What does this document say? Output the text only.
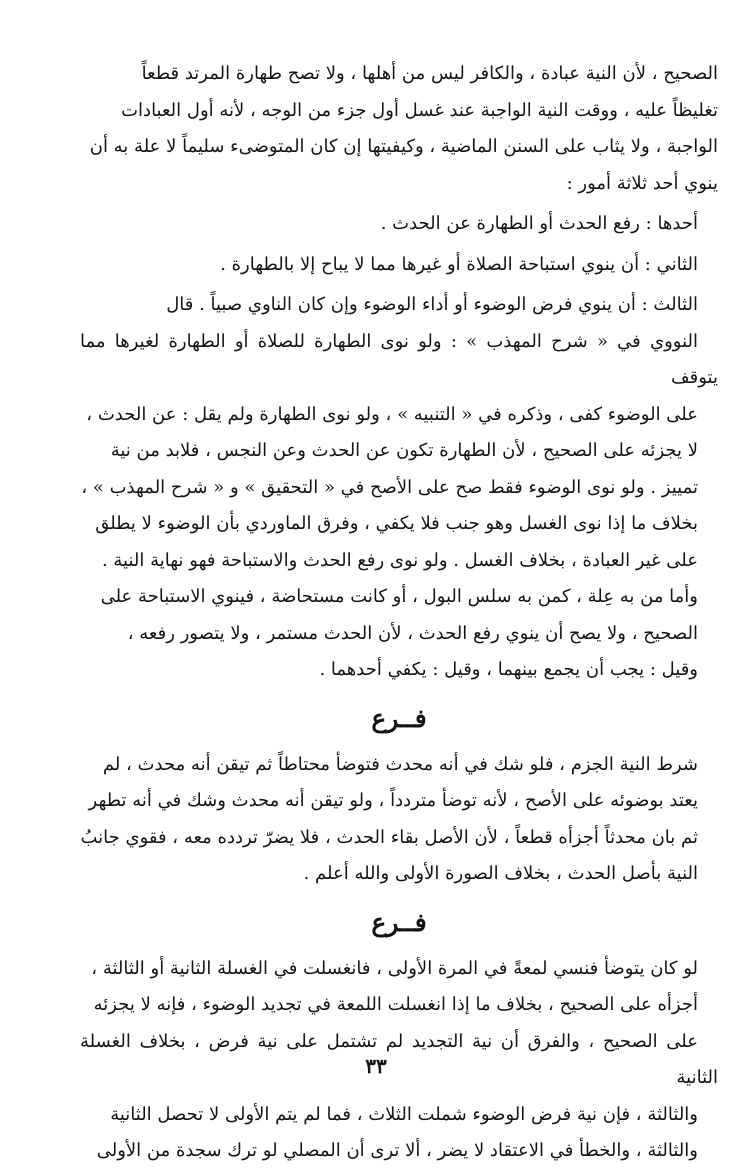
الصحيح ، لأن النية عبادة ، والكافر ليس من أهلها ، ولا تصح طهارة المرتد قطعاً
تغليظاً عليه ، ووقت النية الواجبة عند غسل أول جزء من الوجه ، لأنه أول العبادات
الواجبة ، ولا يثاب على السنن الماضية ، وكيفيتها إن كان المتوضىء سليماً لا علة به أن
ينوي أحد ثلاثة أمور :

أحدها : رفع الحدث أو الطهارة عن الحدث .

الثاني : أن ينوي استباحة الصلاة أو غيرها مما لا يباح إلا بالطهارة .

الثالث : أن ينوي فرض الوضوء أو أداء الوضوء وإن كان الناوي صبياً . قال
النووي في « شرح المهذب » : ولو نوى الطهارة للصلاة أو الطهارة لغيرها مما يتوقف
على الوضوء كفى ، وذكره في « التنبيه » ، ولو نوى الطهارة ولم يقل : عن الحدث ،
لا يجزئه على الصحيح ، لأن الطهارة تكون عن الحدث وعن النجس ، فلابد من نية
تمييز . ولو نوى الوضوء فقط صح على الأصح في « التحقيق » و « شرح المهذب » ،
بخلاف ما إذا نوى الغسل وهو جنب فلا يكفي ، وفرق الماوردي بأن الوضوء لا يطلق
على غير العبادة ، بخلاف الغسل . ولو نوى رفع الحدث والاستباحة فهو نهاية النية .
وأما من به عِلة ، كمن به سلس البول ، أو كانت مستحاضة ، فينوي الاستباحة على
الصحيح ، ولا يصح أن ينوي رفع الحدث ، لأن الحدث مستمر ، ولا يتصور رفعه ،
وقيل : يجب أن يجمع بينهما ، وقيل : يكفي أحدهما .

فــرع

شرط النية الجزم ، فلو شك في أنه محدث فتوضأ محتاطاً ثم تيقن أنه محدث ، لم
يعتد بوضوئه على الأصح ، لأنه توضأ متردداً ، ولو تيقن أنه محدث وشك في أنه تطهر
ثم بان محدثاً أجزأه قطعاً ، لأن الأصل بقاء الحدث ، فلا يضرّ تردده معه ، فقوي جانبُ
النية بأصل الحدث ، بخلاف الصورة الأولى والله أعلم .

فــرع

لو كان يتوضأ فنسي لمعةً في المرة الأولى ، فانغسلت في الغسلة الثانية أو الثالثة ،
أجزأه على الصحيح ، بخلاف ما إذا انغسلت اللمعة في تجديد الوضوء ، فإنه لا يجزئه
على الصحيح ، والفرق أن نية التجديد لم تشتمل على نية فرض ، بخلاف الغسلة الثانية
والثالثة ، فإن نية فرض الوضوء شملت الثلاث ، فما لم يتم الأولى لا تحصل الثانية
والثالثة ، والخطأ في الاعتقاد لا يضر ، ألا ترى أن المصلي لو ترك سجدة من الأولى

٣٣
